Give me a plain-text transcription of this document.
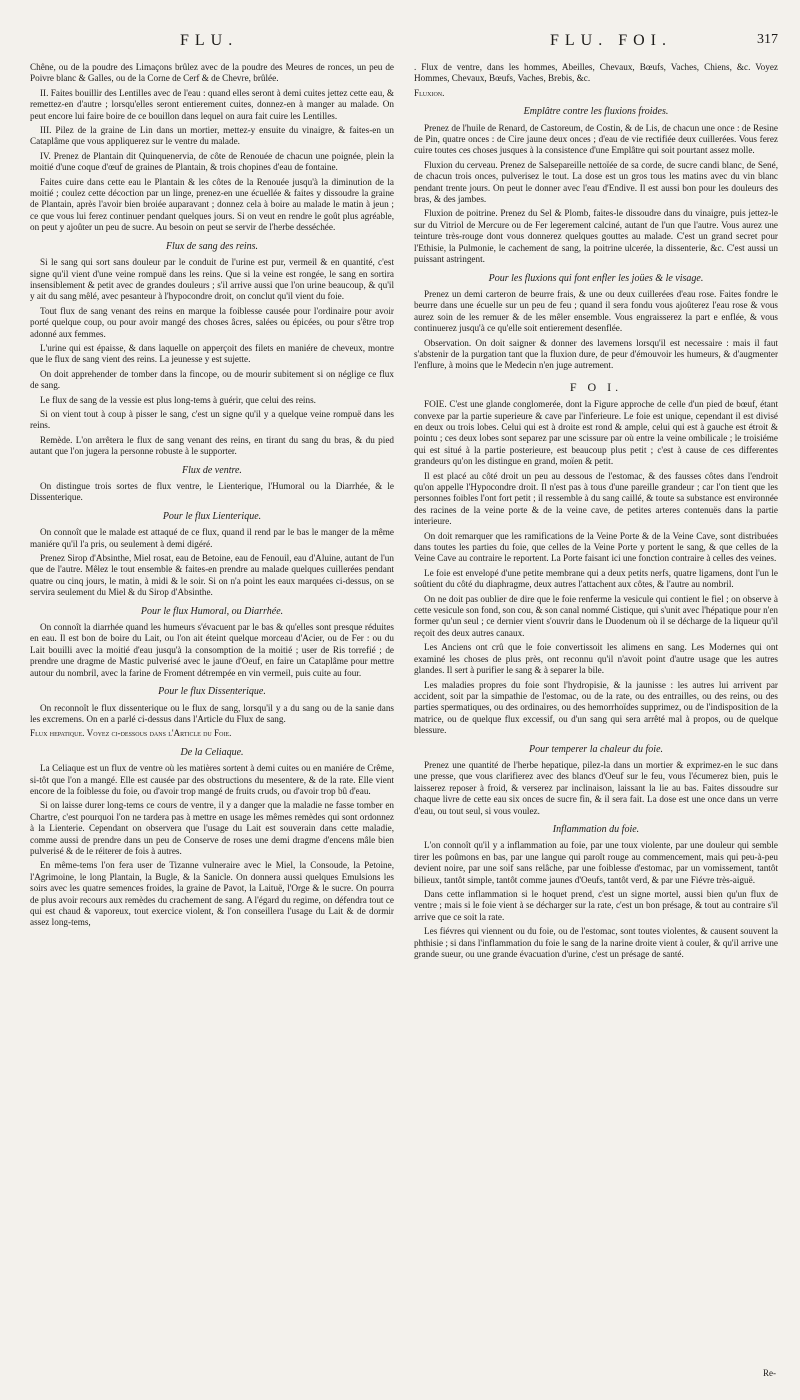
FLU.	FLU. FOI.	317

Chêne, ou de la poudre des Limaçons brûlez avec de la poudre des Meures de ronces, un peu de Poivre blanc & Galles, ou de la Corne de Cerf & de Chevre, brûlée.

II. Faites bouillir des Lentilles avec de l'eau : quand elles seront à demi cuites jettez cette eau, & remettez-en d'autre ; lorsqu'elles seront entierement cuites, donnez-en à manger au malade. On peut encore lui faire boire de ce bouillon dans lequel on aura fait cuire les Lentilles.

III. Pilez de la graine de Lin dans un mortier, mettez-y ensuite du vinaigre, & faites-en un Cataplâme que vous appliquerez sur le ventre du malade.

IV. Prenez de Plantain dit Quinquenervia, de côte de Renouée de chacun une poignée, plein la moitié d'une coque d'œuf de graines de Plantain, & trois chopines d'eau de fontaine.

Faites cuire dans cette eau le Plantain & les côtes de la Renouée jusqu'à la diminution de la moitié ; coulez cette décoction par un linge, prenez-en une écuellée & faites y dissoudre la graine de Plantain, après l'avoir bien broiée auparavant ; donnez cela à boire au malade le matin à jeun ; ce que vous lui ferez continuer pendant quelques jours. Si on veut en rendre le goût plus agréable, on peut y ajoûter un peu de sucre. Au besoin on peut se servir de l'herbe desséchée.

Flux de sang des reins.

Si le sang qui sort sans douleur par le conduit de l'urine est pur, vermeil & en quantité, c'est signe qu'il vient d'une veine rompuë dans les reins. Que si la veine est rongée, le sang en sortira insensiblement & petit avec de grandes douleurs ; s'il arrive aussi que l'on urine beaucoup, & qu'il y ait du sang mêlé, avec pesanteur à l'hypocondre droit, on conclut qu'il vient du foie.

Tout flux de sang venant des reins en marque la foiblesse causée pour l'ordinaire pour avoir porté quelque coup, ou pour avoir mangé des choses âcres, salées ou épicées, ou pour s'être trop adonné aux femmes.

L'urine qui est épaisse, & dans laquelle on apperçoit des filets en maniére de cheveux, montre que le flux de sang vient des reins. La jeunesse y est sujette.

On doit apprehender de tomber dans la fincope, ou de mourir subitement si on néglige ce flux de sang.

Le flux de sang de la vessie est plus long-tems à guérir, que celui des reins.

Si on vient tout à coup à pisser le sang, c'est un signe qu'il y a quelque veine rompuë dans les reins.

Remède. L'on arrêtera le flux de sang venant des reins, en tirant du sang du bras, & du pied autant que l'on jugera la personne robuste à le supporter.

Flux de ventre.

On distingue trois sortes de flux ventre, le Lienterique, l'Humoral ou la Diarrhée, & le Dissenterique.

Pour le flux Lienterique.

On connoît que le malade est attaqué de ce flux, quand il rend par le bas le manger de la même maniére qu'il l'a pris, ou seulement à demi digéré.

Prenez Sirop d'Absinthe, Miel rosat, eau de Betoine, eau de Fenouil, eau d'Aluine, autant de l'un que de l'autre. Mêlez le tout ensemble & faites-en prendre au malade quelques cuillerées pendant quatre ou cinq jours, le matin, à midi & le soir. Si on n'a point les eaux marquées ci-dessus, on se servira seulement du Miel & du Sirop d'Absinthe.

Pour le flux Humoral, ou Diarrhée.

On connoît la diarrhée quand les humeurs s'évacuent par le bas & qu'elles sont presque réduites en eau. Il est bon de boire du Lait, ou l'on ait éteint quelque morceau d'Acier, ou de Fer : ou du Lait bouilli avec la moitié d'eau jusqu'à la consomption de la moitié ; user de Ris torrefié ; de prendre une dragme de Mastic pulverisé avec le jaune d'Oeuf, en faire un Cataplâme pour mettre autour du nombril, avec la farine de Froment détrempée en vin vermeil, puis cuite au four.

Pour le flux Dissenterique.

On reconnoît le flux dissenterique ou le flux de sang, lorsqu'il y a du sang ou de la sanie dans les excremens. On en a parlé ci-dessus dans l'Article du Flux de sang.

Flux hepatique. Voyez ci-dessous dans l'Article du Foie.

De la Celiaque.

La Celiaque est un flux de ventre où les matières sortent à demi cuites ou en maniére de Crême, si-tôt que l'on a mangé. Elle est causée par des obstructions du mesentere, & de la rate. Elle vient encore de la foiblesse du foie, ou d'avoir trop mangé de fruits cruds, ou d'avoir trop bû d'eau.

Si on laisse durer long-tems ce cours de ventre, il y a danger que la maladie ne fasse tomber en Chartre, c'est pourquoi l'on ne tardera pas à mettre en usage les mêmes remèdes qui sont ordonnez à la Lienterie. Cependant on observera que l'usage du Lait est souverain dans cette maladie, comme aussi de prendre dans un peu de Conserve de roses une demi dragme d'encens mâle bien pulverisé & de le réiterer de fois à autres.

En même-tems l'on fera user de Tizanne vulneraire avec le Miel, la Consoude, la Petoine, l'Agrimoine, le long Plantain, la Bugle, & la Sanicle. On donnera aussi quelques Emulsions les soirs avec les quatre semences froides, la graine de Pavot, la Laituë, l'Orge & le sucre. On pourra de plus avoir recours aux remèdes du crachement de sang. A l'égard du regime, on défendra tout ce qui est chaud & vaporeux, tout exercice violent, & l'on conseillera l'usage du Lait & de dormir assez long-tems,

. Flux de ventre, dans les hommes, Abeilles, Chevaux, Bœufs, Vaches, Chiens, &c. Voyez Hommes, Chevaux, Bœufs, Vaches, Brebis, &c.

Fluxion.

Emplâtre contre les fluxions froides.

Prenez de l'huile de Renard, de Castoreum, de Costin, & de Lis, de chacun une once : de Resine de Pin, quatre onces : de Cire jaune deux onces ; d'eau de vie rectifiée deux cuillerées. Vous ferez cuire toutes ces choses jusques à la consistence d'une Emplâtre qui soit pourtant assez molle.

Fluxion du cerveau. Prenez de Salsepareille nettoïée de sa corde, de sucre candi blanc, de Sené, de chacun trois onces, pulverisez le tout. La dose est un gros tous les matins avec du vin blanc pendant trente jours. On peut le donner avec l'eau d'Endive. Il est aussi bon pour les douleurs des bras, & des jambes.

Fluxion de poitrine. Prenez du Sel & Plomb, faites-le dissoudre dans du vinaigre, puis jettez-le sur du Vitriol de Mercure ou de Fer legerement calciné, autant de l'un que l'autre. Vous aurez une teinture très-rouge dont vous donnerez quelques gouttes au malade. C'est un grand secret pour l'Ethisie, la Pulmonie, le cachement de sang, la poitrine ulcerée, la dissenterie, &c. C'est aussi un puissant astringent.

Pour les fluxions qui font enfler les joües & le visage.

Prenez un demi carteron de beurre frais, & une ou deux cuillerées d'eau rose. Faites fondre le beurre dans une écuelle sur un peu de feu ; quand il sera fondu vous ajoûterez l'eau rose & vous aurez soin de les remuer & de les mêler ensemble. Vous engraisserez la part e enflée, & vous continuerez jusqu'à ce qu'elle soit entierement desenflée.

Observation. On doit saigner & donner des lavemens lorsqu'il est necessaire : mais il faut s'abstenir de la purgation tant que la fluxion dure, de peur d'émouvoir les humeurs, & d'augmenter l'enflure, à moins que le Medecin n'en juge autrement.

F O I.

FOIE. C'est une glande conglomerée, dont la Figure approche de celle d'un pied de bœuf, étant convexe par la partie superieure & cave par l'inferieure. Le foie est unique, cependant il est divisé en deux ou trois lobes. Celui qui est à droite est rond & ample, celui qui est à gauche est étroit & pointu ; ces deux lobes sont separez par une scissure par où entre la veine ombilicale ; le troisiéme qui est situé à la partie posterieure, est beaucoup plus petit ; c'est à cause de ces differentes grandeurs qu'on les distingue en grand, moïen & petit.

Il est placé au côté droit un peu au dessous de l'estomac, & des fausses côtes dans l'endroit qu'on appelle l'Hypocondre droit. Il n'est pas à tous d'une pareille grandeur ; car l'on tient que les personnes foibles l'ont fort petit ; il ressemble à du sang caillé, & toute sa substance est environnée des racines de la veine porte & de la veine cave, de petites arteres contenuës dans la partie interieure.

On doit remarquer que les ramifications de la Veine Porte & de la Veine Cave, sont distribuées dans toutes les parties du foie, que celles de la Veine Porte y portent le sang, & que celles de la Veine Cave au contraire le reportent. La Porte faisant ici une fonction contraire à celles des veines.

Le foie est envelopé d'une petite membrane qui a deux petits nerfs, quatre ligamens, dont l'un le soûtient du côté du diaphragme, deux autres l'attachent aux côtes, & l'autre au nombril.

On ne doit pas oublier de dire que le foie renferme la vesicule qui contient le fiel ; on observe à cette vesicule son fond, son cou, & son canal nommé Cistique, qui s'unit avec l'hépatique pour n'en former qu'un seul ; ce dernier vient s'ouvrir dans le Duodenum où il se décharge de la liqueur qu'il reçoit des deux autres canaux.

Les Anciens ont crû que le foie convertissoit les alimens en sang. Les Modernes qui ont examiné les choses de plus près, ont reconnu qu'il n'avoit point d'autre usage que les autres glandes. Il sert à purifier le sang & à separer la bile.

Les maladies propres du foie sont l'hydropisie, & la jaunisse : les autres lui arrivent par accident, soit par la simpathie de l'estomac, ou de la rate, ou des entrailles, ou des reins, ou des parties spermatiques, ou des ordinaires, ou des hemorrhoïdes supprimez, ou de l'indisposition de la matrice, ou de quelque flux excessif, ou d'un sang qui sera arrêté mal à propos, ou de quelque blessure.

Pour temperer la chaleur du foie.

Prenez une quantité de l'herbe hepatique, pilez-la dans un mortier & exprimez-en le suc dans une presse, que vous clarifierez avec des blancs d'Oeuf sur le feu, vous l'écumerez bien, puis le laisserez reposer à froid, & verserez par inclinaison, laissant la lie au bas. Faites dissoudre sur chaque livre de cette eau six onces de sucre fin, & il sera fait. La dose est une once dans un verre d'eau, ou tout seul, si vous voulez.

Inflammation du foie.

L'on connoît qu'il y a inflammation au foie, par une toux violente, par une douleur qui semble tirer les poûmons en bas, par une langue qui paroît rouge au commencement, mais qui peu-à-peu devient noire, par une soif sans relâche, par une foiblesse d'estomac, par un vomissement, tantôt bilieux, tantôt simple, tantôt comme jaunes d'Oeufs, tantôt verd, & par une Fiévre très-aiguë.

Dans cette inflammation si le hoquet prend, c'est un signe mortel, aussi bien qu'un flux de ventre ; mais si le foie vient à se décharger sur la rate, c'est un bon présage, & tout au contraire s'il arrive que ce soit la rate.

Les fiévres qui viennent ou du foie, ou de l'estomac, sont toutes violentes, & causent souvent la phthisie ; si dans l'inflammation du foie le sang de la narine droite vient à couler, & qu'il arrive une grande sueur, ou une grande évacuation d'urine, c'est un présage de santé.

Re-
